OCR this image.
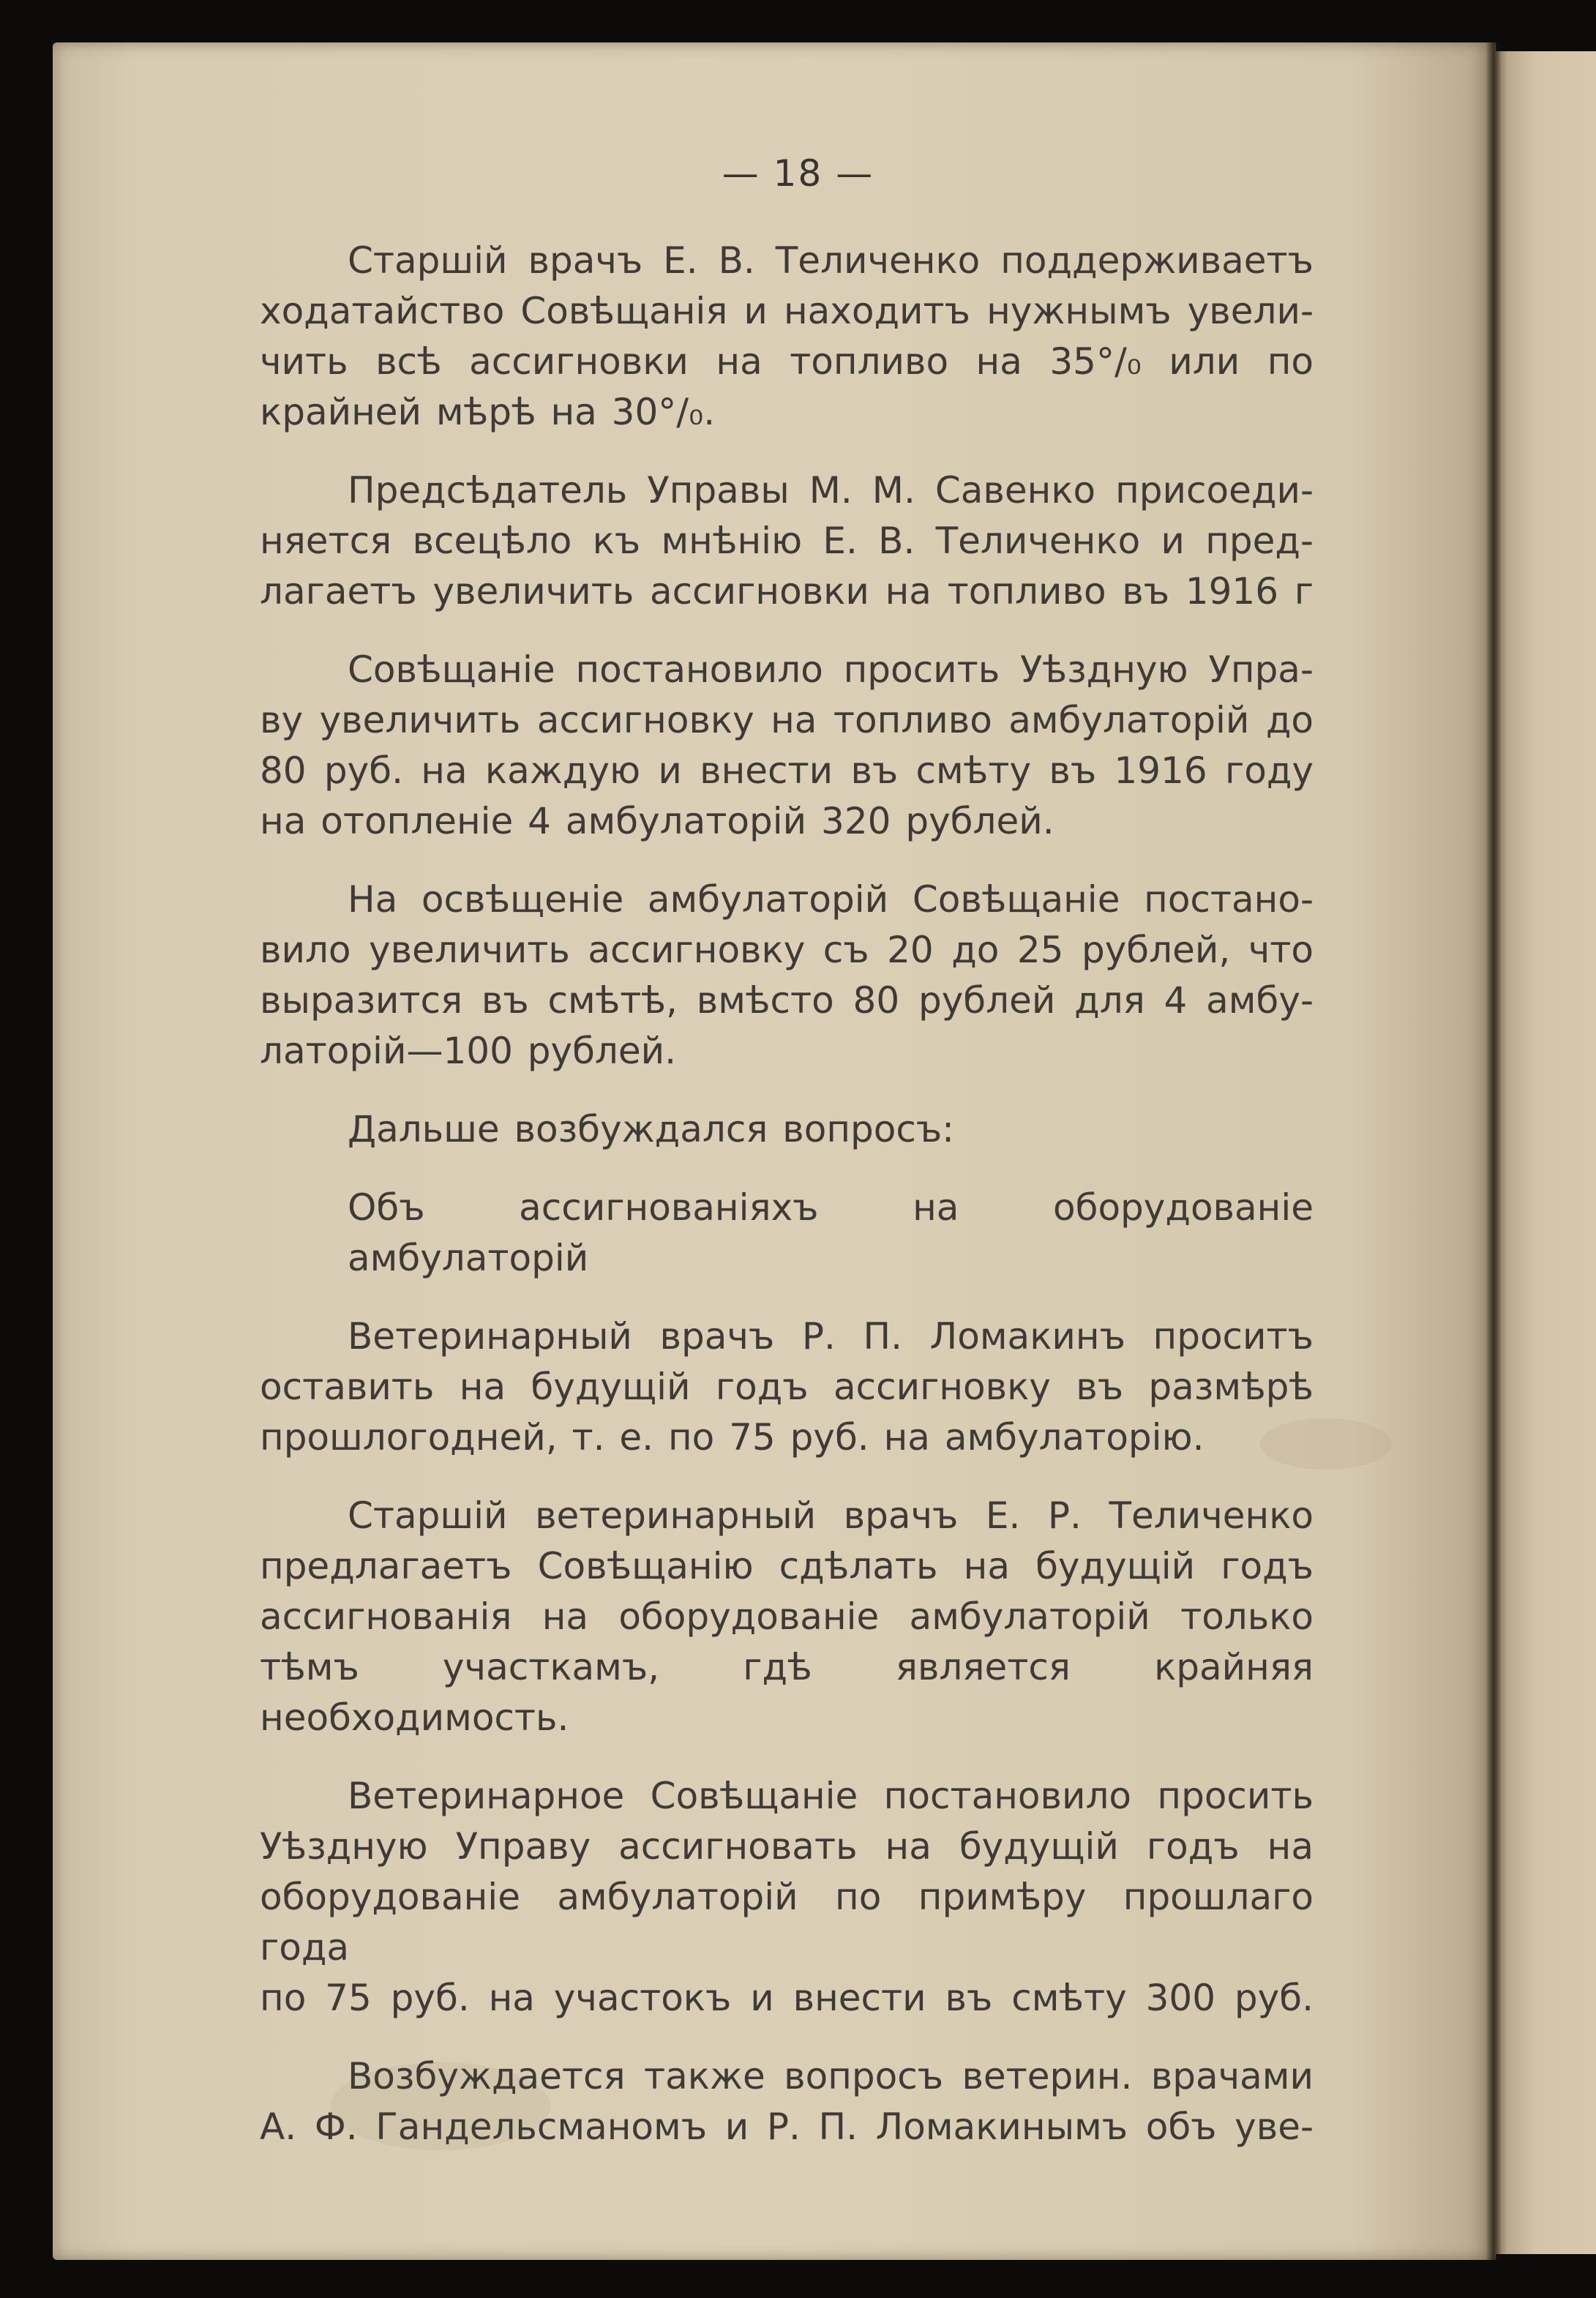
— 18 —

Старшій врачъ Е. В. Теличенко поддерживаетъ
ходатайство Совѣщанія и находитъ нужнымъ увели-
чить всѣ ассигновки на топливо на 35°/₀ или по
крайней мѣрѣ на 30°/₀.

Предсѣдатель Управы М. М. Савенко присоеди-
няется всецѣло къ мнѣнію Е. В. Теличенко и пред-
лагаетъ увеличить ассигновки на топливо въ 1916 г

Совѣщаніе постановило просить Уѣздную Упра-
ву увеличить ассигновку на топливо амбулаторій до
80 руб. на каждую и внести въ смѣту въ 1916 году
на отопленіе 4 амбулаторій 320 рублей.

На освѣщеніе амбулаторій Совѣщаніе постано-
вило увеличить ассигновку съ 20 до 25 рублей, что
выразится въ смѣтѣ, вмѣсто 80 рублей для 4 амбу-
латорій—100 рублей.

Дальше возбуждался вопросъ:

Объ ассигнованіяхъ на оборудованіе амбулаторій

Ветеринарный врачъ Р. П. Ломакинъ проситъ
оставить на будущій годъ ассигновку въ размѣрѣ
прошлогодней, т. е. по 75 руб. на амбулаторію.

Старшій ветеринарный врачъ Е. Р. Теличенко
предлагаетъ Совѣщанію сдѣлать на будущій годъ
ассигнованія на оборудованіе амбулаторій только
тѣмъ участкамъ, гдѣ является крайняя необходимость.

Ветеринарное Совѣщаніе постановило просить
Уѣздную Управу ассигновать на будущій годъ на
оборудованіе амбулаторій по примѣру прошлаго года
по 75 руб. на участокъ и внести въ смѣту 300 руб.

Возбуждается также вопросъ ветерин. врачами
А. Ф. Гандельсманомъ и Р. П. Ломакинымъ объ уве-
